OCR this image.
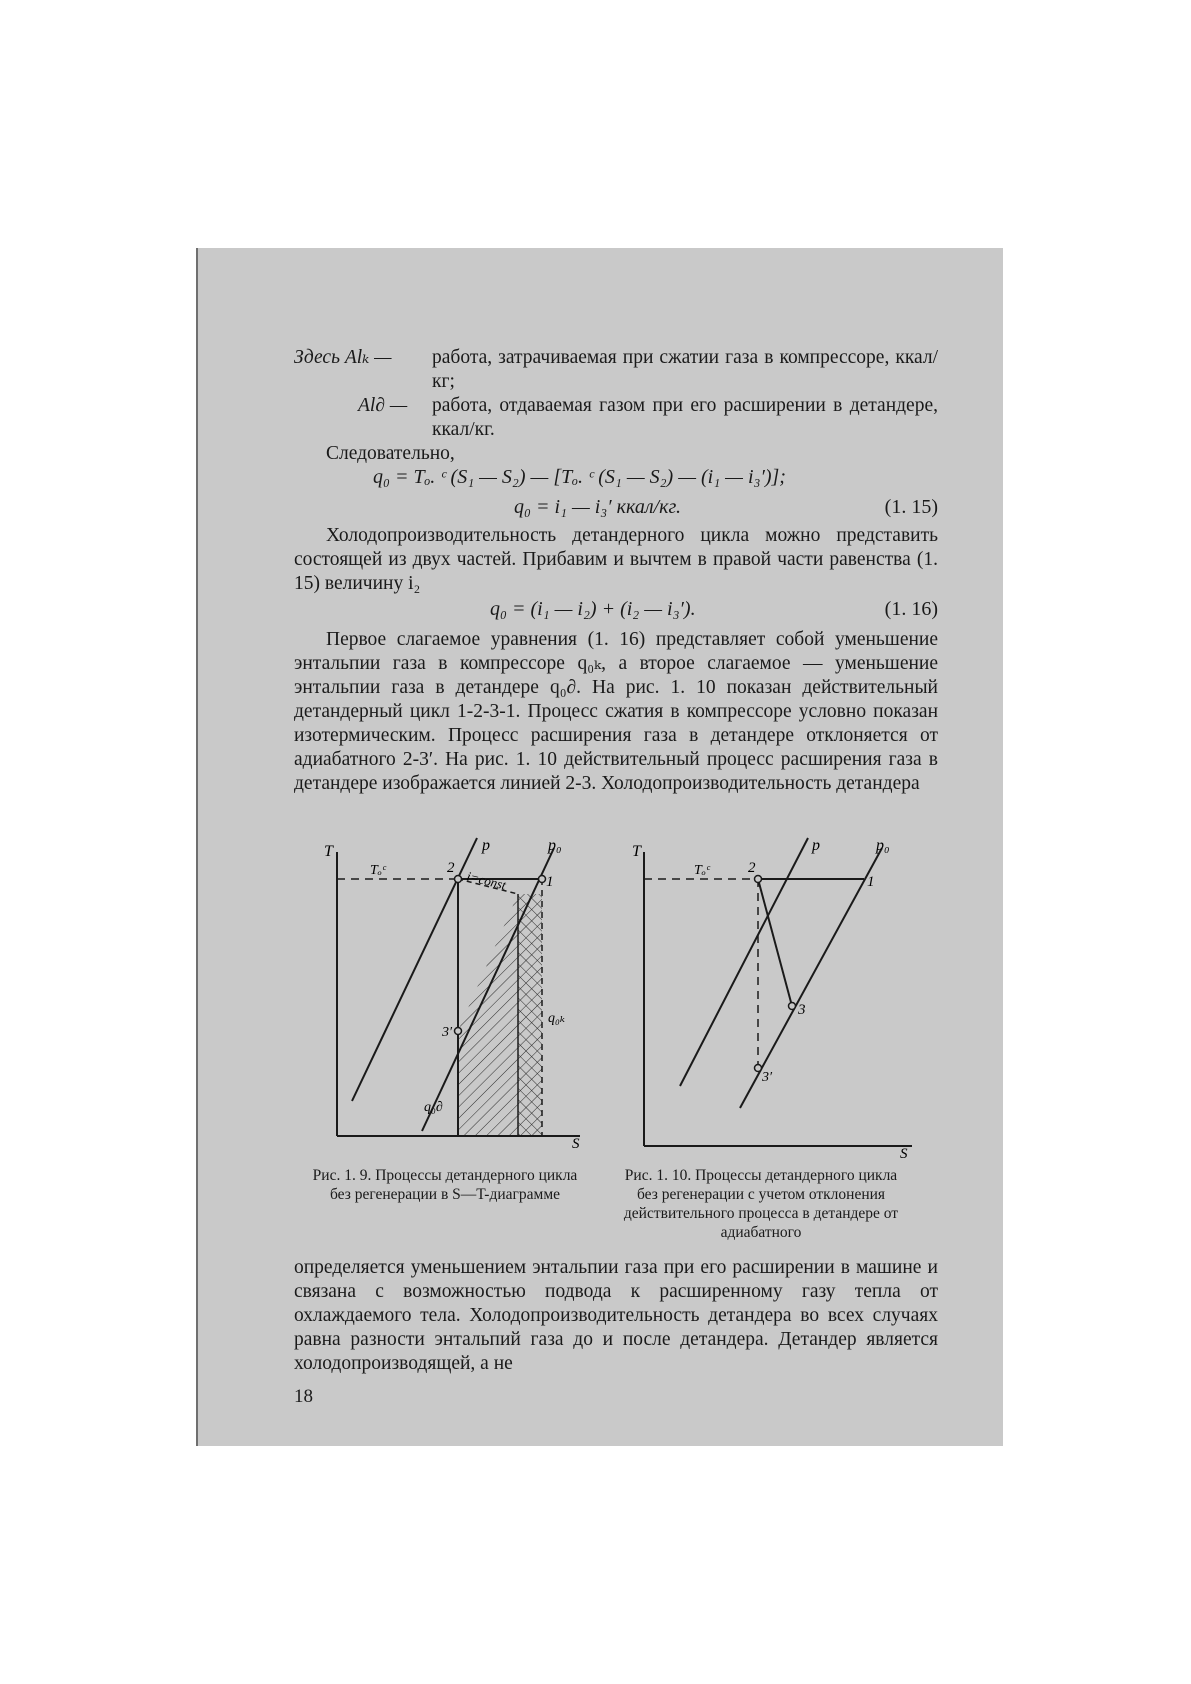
Здесь Alₖ — работа, затрачиваемая при сжатии газа в компрессоре, ккал/кг;
Al∂ — работа, отдаваемая газом при его расширении в детандере, ккал/кг.

Следовательно,

q₀ = Tₒ. ᶜ (S₁ — S₂) — [Tₒ. ᶜ (S₁ — S₂) — (i₁ — i₃′)];
q₀ = i₁ — i₃′ ккал/кг.	(1. 15)

Холодопроизводительность детандерного цикла можно представить состоящей из двух частей. Прибавим и вычтем в правой части равенства (1. 15) величину i₂

q₀ = (i₁ — i₂) + (i₂ — i₃′).	(1. 16)

Первое слагаемое уравнения (1. 16) представляет собой уменьшение энтальпии газа в компрессоре q₀ₖ, а второе слагаемое — уменьшение энтальпии газа в детандере q₀∂. На рис. 1. 10 показан действительный детандерный цикл 1-2-3-1. Процесс сжатия в компрессоре условно показан изотермическим. Процесс расширения газа в детандере отклоняется от адиабатного 2-3′. На рис. 1. 10 действительный процесс расширения газа в детандере изображается линией 2-3. Холодопроизводительность детандера

T
S
p	p₀
Tₒᶜ	2
1
3′
i=const
q₀ₖ
q₀∂
T
S
p	p₀
Tₒᶜ	2
1
3
3′
Рис. 1. 9. Процессы детандерного цикла без регенерации в S—T-диаграмме
Рис. 1. 10. Процессы детандерного цикла без регенерации с учетом отклонения действительного процесса в детандере от адиабатного

определяется уменьшением энтальпии газа при его расширении в машине и связана с возможностью подвода к расширенному газу тепла от охлаждаемого тела. Холодопроизводительность детандера во всех случаях равна разности энтальпий газа до и после детандера. Детандер является холодопроизводящей, а не

18
